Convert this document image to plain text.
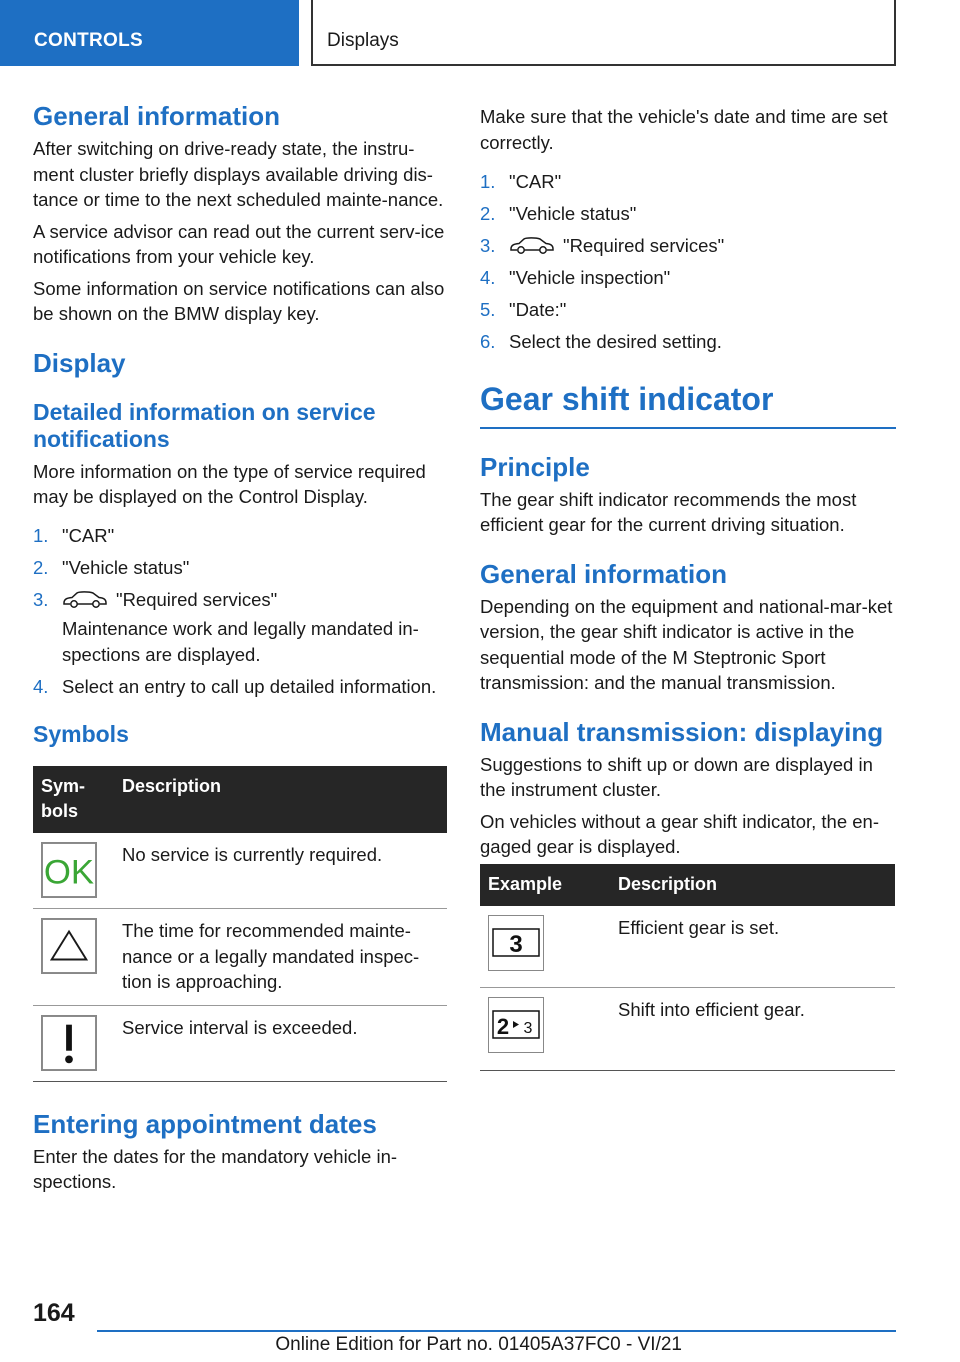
CONTROLS	Displays
General information

After switching on drive-ready state, the instru‐ment cluster briefly displays available driving dis‐tance or time to the next scheduled mainte‐nance.

A service advisor can read out the current serv‐ice notifications from your vehicle key.

Some information on service notifications can also be shown on the BMW display key.

Display
Detailed information on service notifications

More information on the type of service required may be displayed on the Control Display.

1. "CAR"
2. "Vehicle status"
3.	"Required services"
Maintenance work and legally mandated in‐spections are displayed.
4. Select an entry to call up detailed information.
Symbols
Sym‐bols	Description

OK	No service is currently required.

	The time for recommended mainte‐nance or a legally mandated inspec‐tion is approaching.

	Service interval is exceeded.
Entering appointment dates

Enter the dates for the mandatory vehicle in‐spections.

Make sure that the vehicle's date and time are set correctly.

1. "CAR"
2. "Vehicle status"
3.	"Required services"
4. "Vehicle inspection"
5. "Date:"
6. Select the desired setting.
Gear shift indicator
Principle

The gear shift indicator recommends the most efficient gear for the current driving situation.

General information

Depending on the equipment and national-mar‐ket version, the gear shift indicator is active in the sequential mode of the M Steptronic Sport transmission: and the manual transmission.

Manual transmission: displaying

Suggestions to shift up or down are displayed in the instrument cluster.

On vehicles without a gear shift indicator, the en‐gaged gear is displayed.

Example	Description

3	Efficient gear is set.

2 3	Shift into efficient gear.
164
Online Edition for Part no. 01405A37FC0 - VI/21
